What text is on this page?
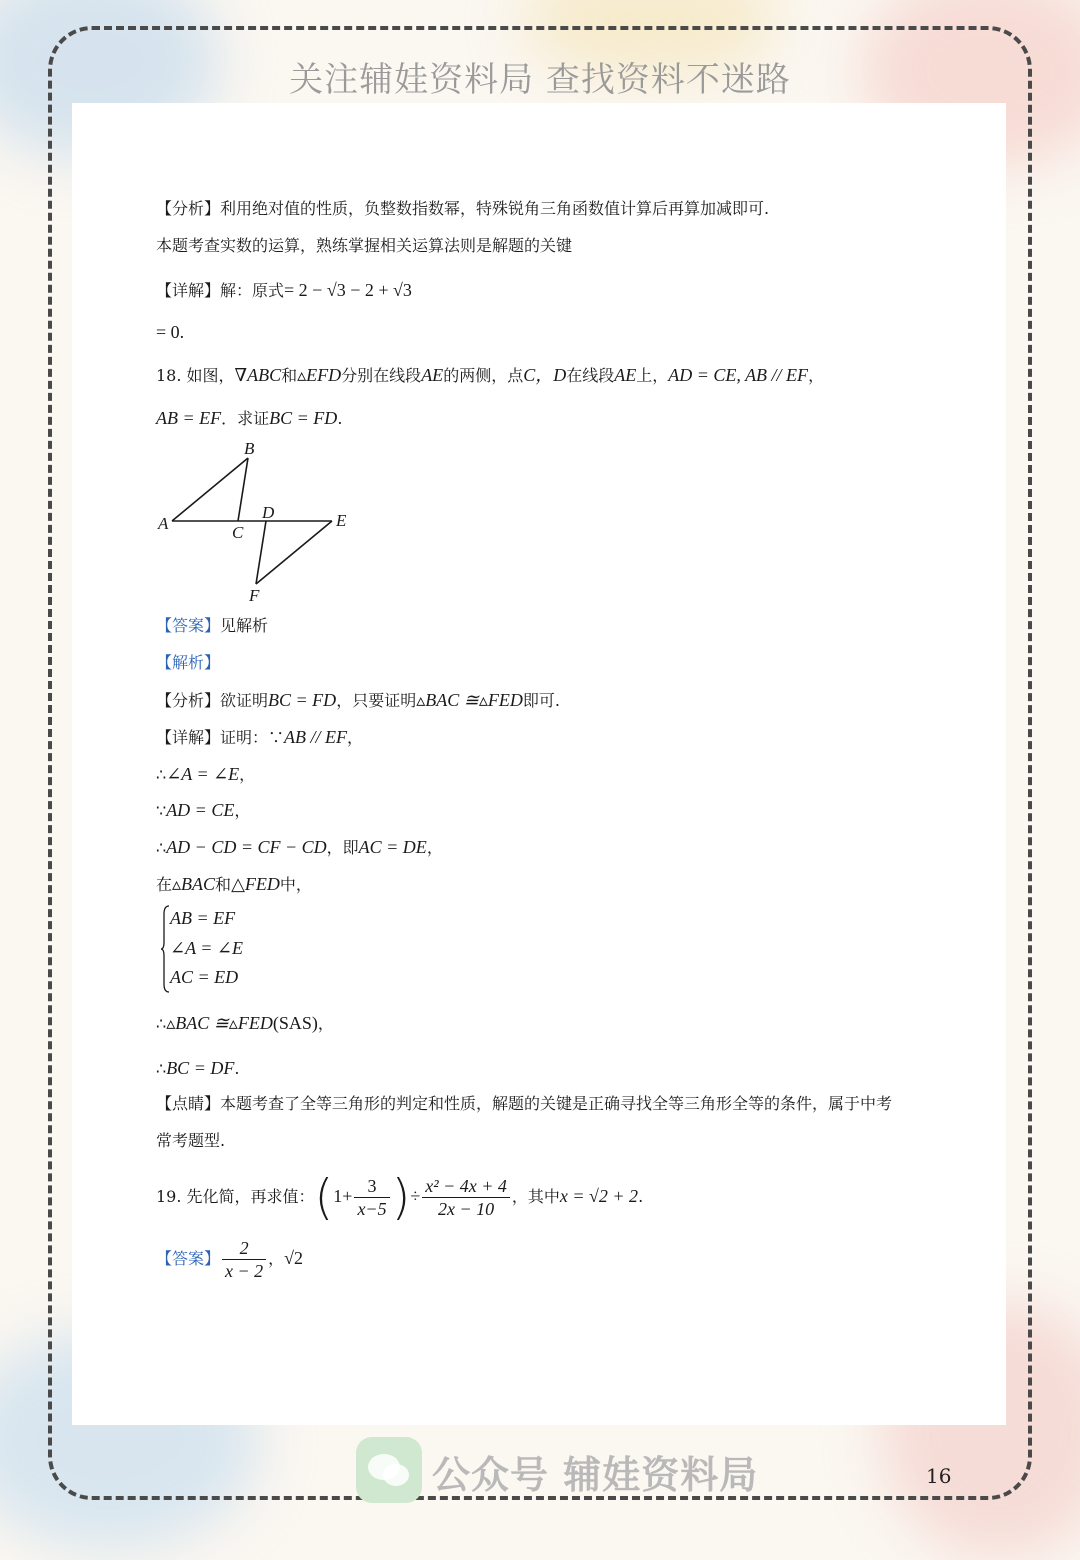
关注辅娃资料局 查找资料不迷路
【分析】利用绝对值的性质，负整数指数幂，特殊锐角三角函数值计算后再算加减即可.
本题考查实数的运算，熟练掌握相关运算法则是解题的关键
【详解】解：原式= 2 − √3 − 2 + √3
= 0.
18. 如图，∇ABC和▵EFD分别在线段AE的两侧，点C，D在线段AE上，AD = CE, AB // EF，
AB = EF．求证BC = FD.
B
A	C
D	E
F
【答案】见解析
【解析】
【分析】欲证明BC = FD，只要证明▵BAC ≅▵FED即可.
【详解】证明：∵AB // EF，
∴∠A = ∠E，
∵AD = CE，
∴AD − CD = CF − CD，即AC = DE，
在▵BAC和△FED中，
AB = EF
∠A = ∠E
AC = ED
∴▵BAC ≅▵FED(SAS)，
∴BC = DF.
【点睛】本题考查了全等三角形的判定和性质，解题的关键是正确寻找全等三角形全等的条件，属于中考
常考题型.
19. 先化简，再求值：($1+ \frac{3}{x-5}$ )÷ $\frac{\text{x² − 4x + 4}}{2x - 10}$ ，其中x = √2 + 2.
【答案】 $\frac{2}{x - 2}$ ，√2
公众号 辅娃资料局	16
